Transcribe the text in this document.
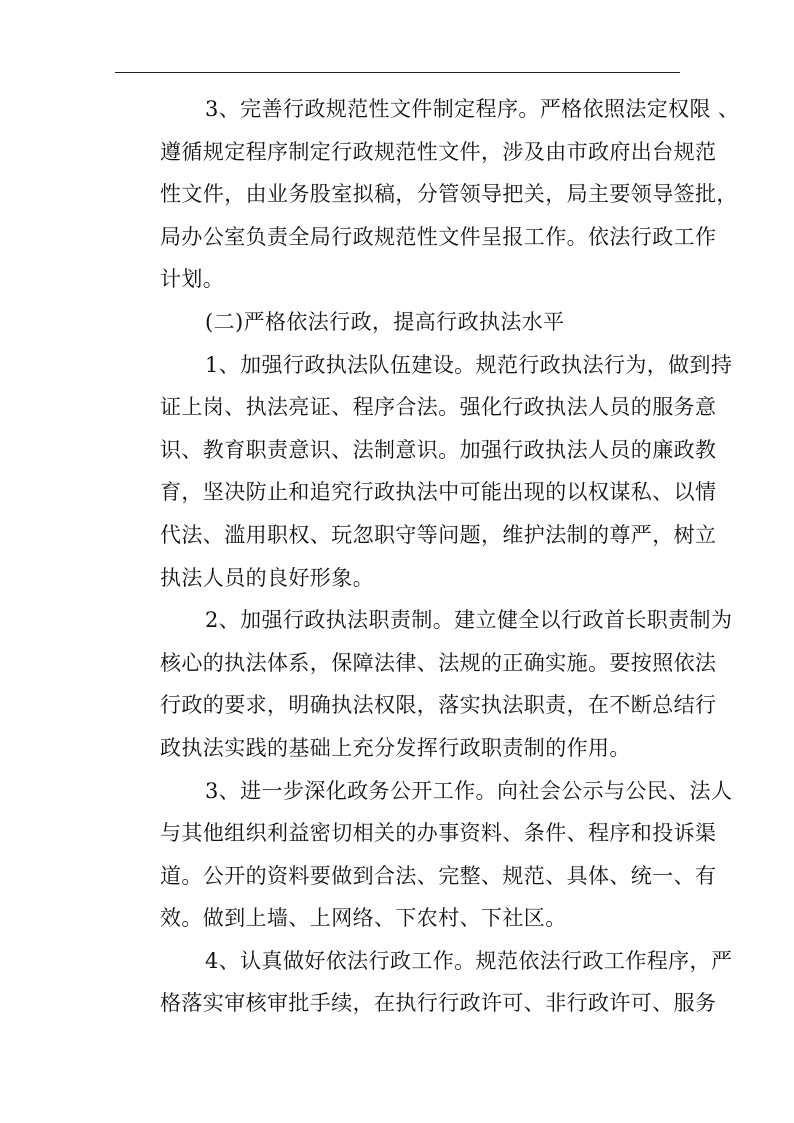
3、完善行政规范性文件制定程序。严格依照法定权限 、
遵循规定程序制定行政规范性文件，涉及由市政府出台规范
性文件，由业务股室拟稿，分管领导把关，局主要领导签批，
局办公室负责全局行政规范性文件呈报工作。依法行政工作
计划。
(二)严格依法行政，提高行政执法水平
1、加强行政执法队伍建设。规范行政执法行为，做到持
证上岗、执法亮证、程序合法。强化行政执法人员的服务意
识、教育职责意识、法制意识。加强行政执法人员的廉政教
育，坚决防止和追究行政执法中可能出现的以权谋私、以情
代法、滥用职权、玩忽职守等问题，维护法制的尊严，树立
执法人员的良好形象。
2、加强行政执法职责制。建立健全以行政首长职责制为
核心的执法体系，保障法律、法规的正确实施。要按照依法
行政的要求，明确执法权限，落实执法职责，在不断总结行
政执法实践的基础上充分发挥行政职责制的作用。
3、进一步深化政务公开工作。向社会公示与公民、法人
与其他组织利益密切相关的办事资料、条件、程序和投诉渠
道。公开的资料要做到合法、完整、规范、具体、统一、有
效。做到上墙、上网络、下农村、下社区。
4、认真做好依法行政工作。规范依法行政工作程序，严
格落实审核审批手续，在执行行政许可、非行政许可、服务
